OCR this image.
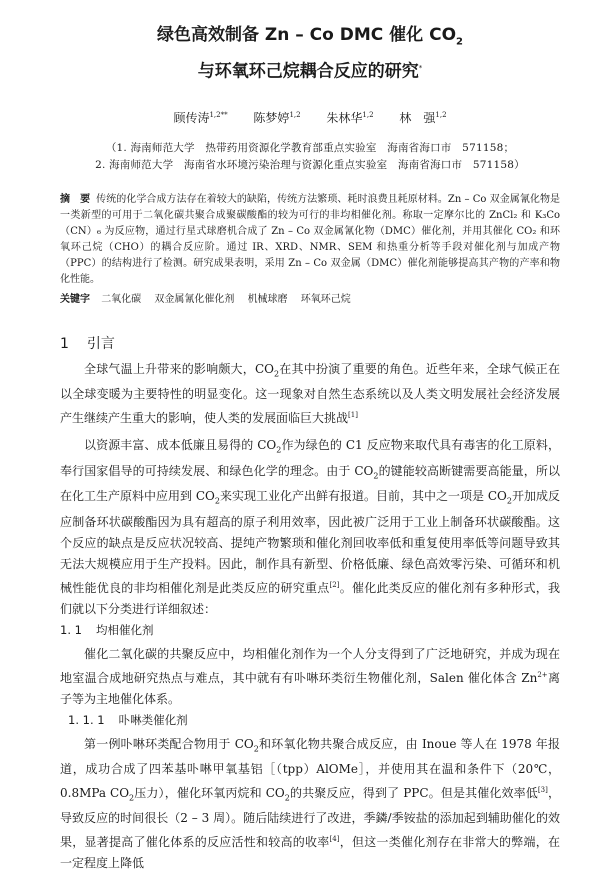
绿色高效制备 Zn – Co DMC 催化 $CO_2$
与环氧环己烷耦合反应的研究*
顾传涛$^{1,2**}$ 陈梦婷$^{1,2}$ 朱林华$^{1,2}$ 林　强$^{1,2}$
（1. 海南师范大学　热带药用资源化学教育部重点实验室　海南省海口市　571158；
2. 海南师范大学　海南省水环境污染治理与资源化重点实验室　海南省海口市　571158）
摘　要 传统的化学合成方法存在着较大的缺陷，传统方法繁琐、耗时浪费且耗原材料。Zn – Co 双金属氰化物是一类新型的可用于二氧化碳共聚合成聚碳酸酯的较为可行的非均相催化剂。称取一定摩尔比的 ZnCl₂ 和 K₃Co（CN）₆ 为反应物，通过行星式球磨机合成了 Zn – Co 双金属氰化物（DMC）催化剂，并用其催化 CO₂ 和环氧环己烷（CHO）的耦合反应阶。通过 IR、XRD、NMR、SEM 和热重分析等手段对催化剂与加成产物（PPC）的结构进行了检测。研究成果表明，采用 Zn – Co 双金属（DMC）催化剂能够提高其产物的产率和物化性能。
关键字 二氧化碳 双金属氰化催化剂 机械球磨 环氧环己烷
1 引言

全球气温上升带来的影响颇大，$CO_2$在其中扮演了重要的角色。近些年来，全球气候正在以全球变暖为主要特性的明显变化。这一现象对自然生态系统以及人类文明发展社会经济发展产生继续产生重大的影响，使人类的发展面临巨大挑战[1]

以资源丰富、成本低廉且易得的 $CO_2$作为绿色的 C1 反应物来取代具有毒害的化工原料，奉行国家倡导的可持续发展、和绿色化学的理念。由于 $CO_2$的键能较高断键需要高能量，所以在化工生产原料中应用到 $CO_2$来实现工业化产出鲜有报道。目前，其中之一项是 $CO_2$开加成反应制备环状碳酸酯因为具有超高的原子利用效率，因此被广泛用于工业上制备环状碳酸酯。这个反应的缺点是反应状况较高、提纯产物繁琐和催化剂回收率低和重复使用率低等问题导致其无法大规模应用于生产投料。因此，制作具有新型、价格低廉、绿色高效零污染、可循环和机械性能优良的非均相催化剂是此类反应的研究重点[2]。催化此类反应的催化剂有多种形式，我们就以下分类进行详细叙述：

1. 1 均相催化剂

催化二氧化碳的共聚反应中，均相催化剂作为一个人分支得到了广泛地研究，并成为现在地室温合成地研究热点与难点，其中就有有卟啉环类衍生物催化剂，Salen 催化体含 $Zn^{2+}$离子等为主地催化体系。

1. 1. 1 卟啉类催化剂

第一例卟啉环类配合物用于 $CO_2$和环氧化物共聚合成反应，由 Inoue 等人在 1978 年报道，成功合成了四苯基卟啉甲氧基铝［（tpp）AlOMe］，并使用其在温和条件下（20℃，0.8MPa $CO_2$压力），催化环氧丙烷和 $CO_2$的共聚反应，得到了 PPC。但是其催化效率低[3]，导致反应的时间很长（2 – 3 周）。随后陆续进行了改进，季鏻/季铵盐的添加起到辅助催化的效果，显著提高了催化体系的反应活性和较高的收率[4]，但这一类催化剂存在非常大的弊端，在一定程度上降低
